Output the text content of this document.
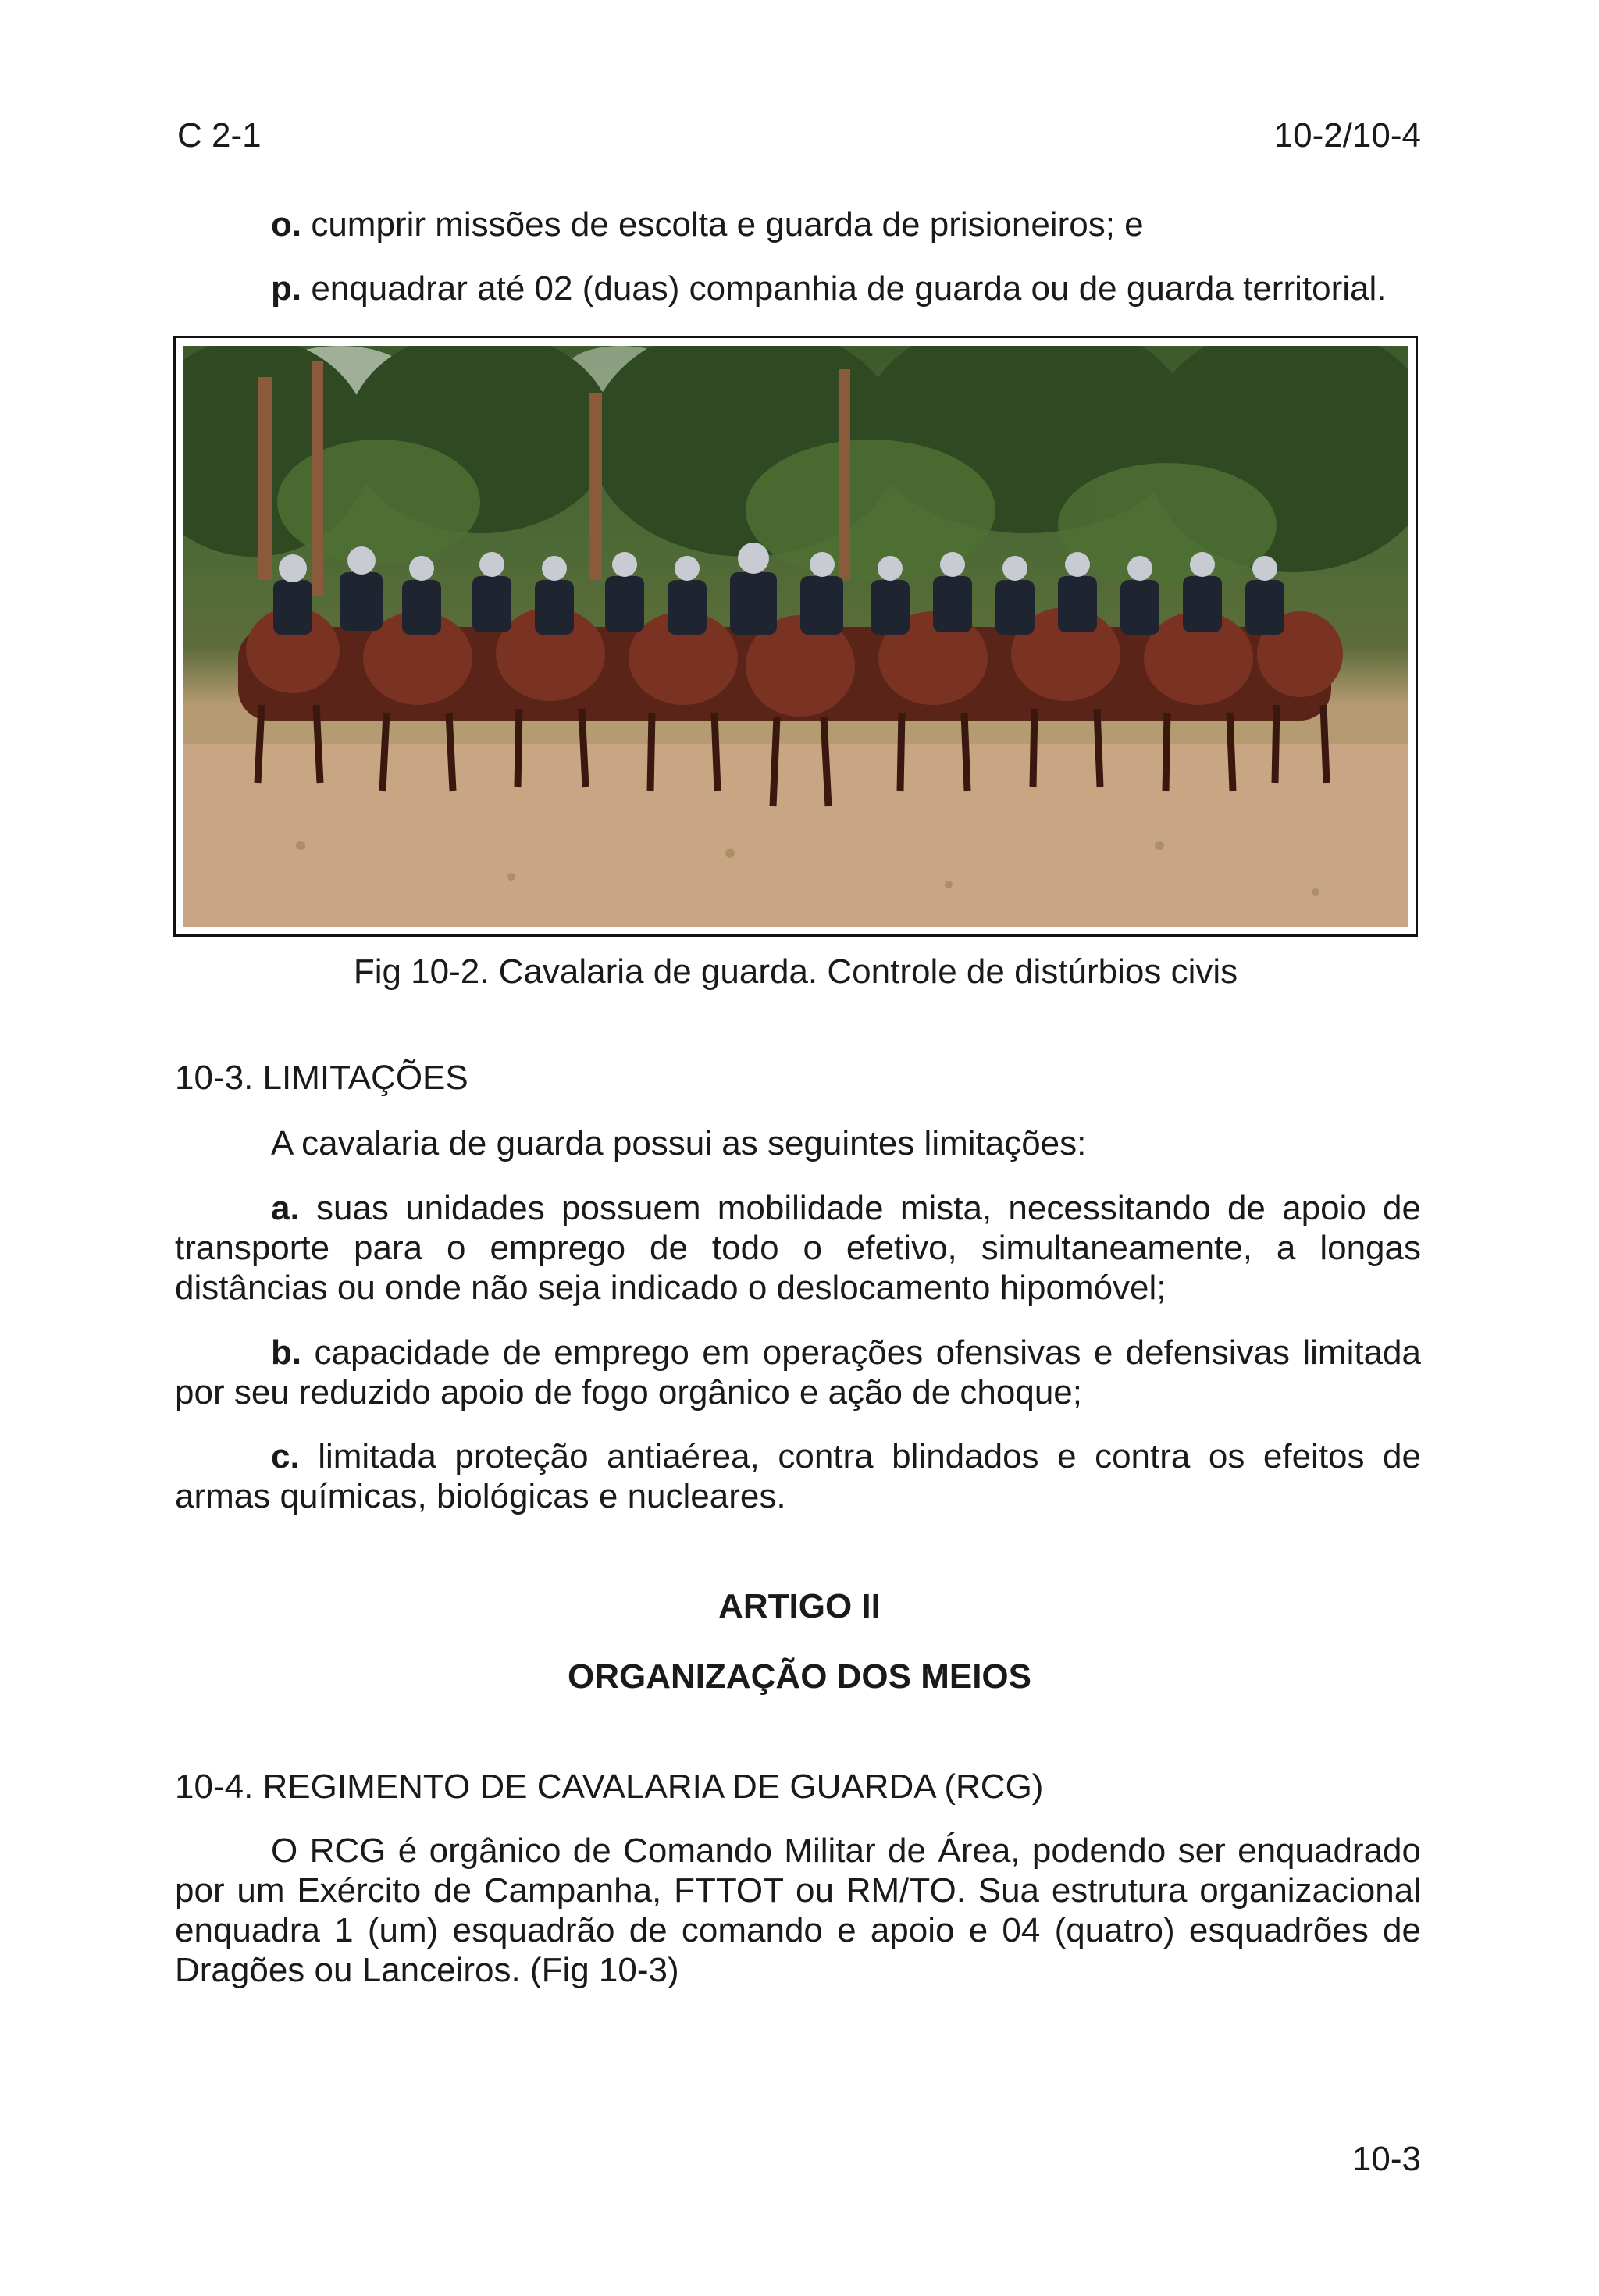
C 2-1	10-2/10-4
o. cumprir missões de escolta e guarda de prisioneiros; e
p. enquadrar até 02 (duas) companhia de guarda ou de guarda territorial.
Fig 10-2. Cavalaria de guarda. Controle de distúrbios civis
10-3. LIMITAÇÕES
A cavalaria de guarda possui as seguintes limitações:
a. suas unidades possuem mobilidade mista, necessitando de apoio de transporte para o emprego de todo o efetivo, simultaneamente, a longas distâncias ou onde não seja indicado o deslocamento hipomóvel;
b. capacidade de emprego em operações ofensivas e defensivas limitada por seu reduzido apoio de fogo orgânico e ação de choque;
c. limitada proteção antiaérea, contra blindados e contra os efeitos de armas químicas, biológicas e nucleares.
ARTIGO II
ORGANIZAÇÃO DOS MEIOS
10-4. REGIMENTO DE CAVALARIA DE GUARDA (RCG)
O RCG é orgânico de Comando Militar de Área, podendo ser enquadrado por um Exército de Campanha, FTTOT ou RM/TO. Sua estrutura organizacional enquadra 1 (um) esquadrão de comando e apoio e 04 (quatro) esquadrões de Dragões ou Lanceiros. (Fig 10-3)
10-3
